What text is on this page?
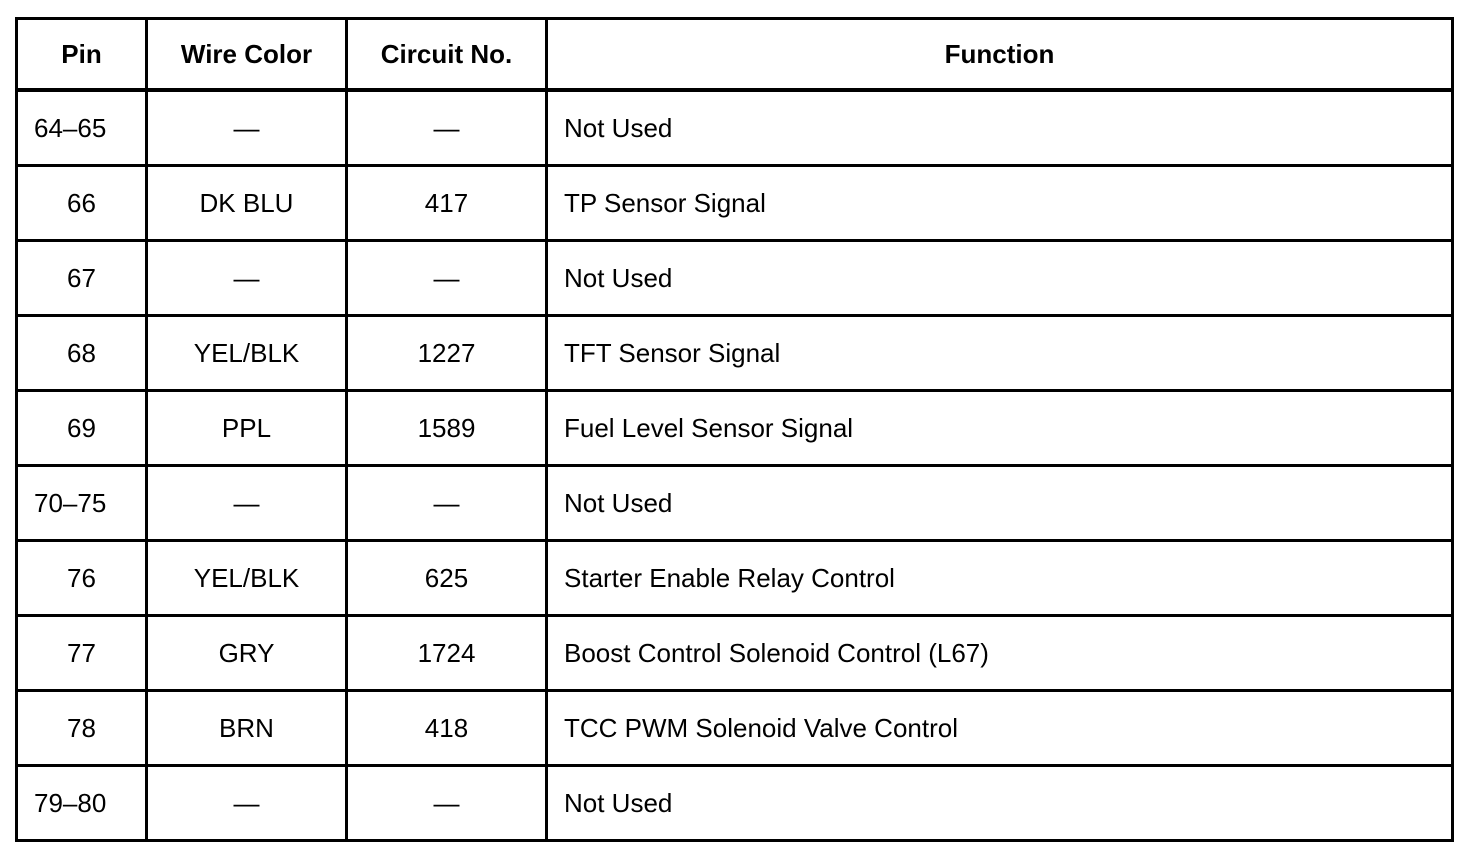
Pin	Wire Color	Circuit No.	Function
64–65	—	—	Not Used
66	DK BLU	417	TP Sensor Signal
67	—	—	Not Used
68	YEL/BLK	1227	TFT Sensor Signal
69	PPL	1589	Fuel Level Sensor Signal
70–75	—	—	Not Used
76	YEL/BLK	625	Starter Enable Relay Control
77	GRY	1724	Boost Control Solenoid Control (L67)
78	BRN	418	TCC PWM Solenoid Valve Control
79–80	—	—	Not Used
